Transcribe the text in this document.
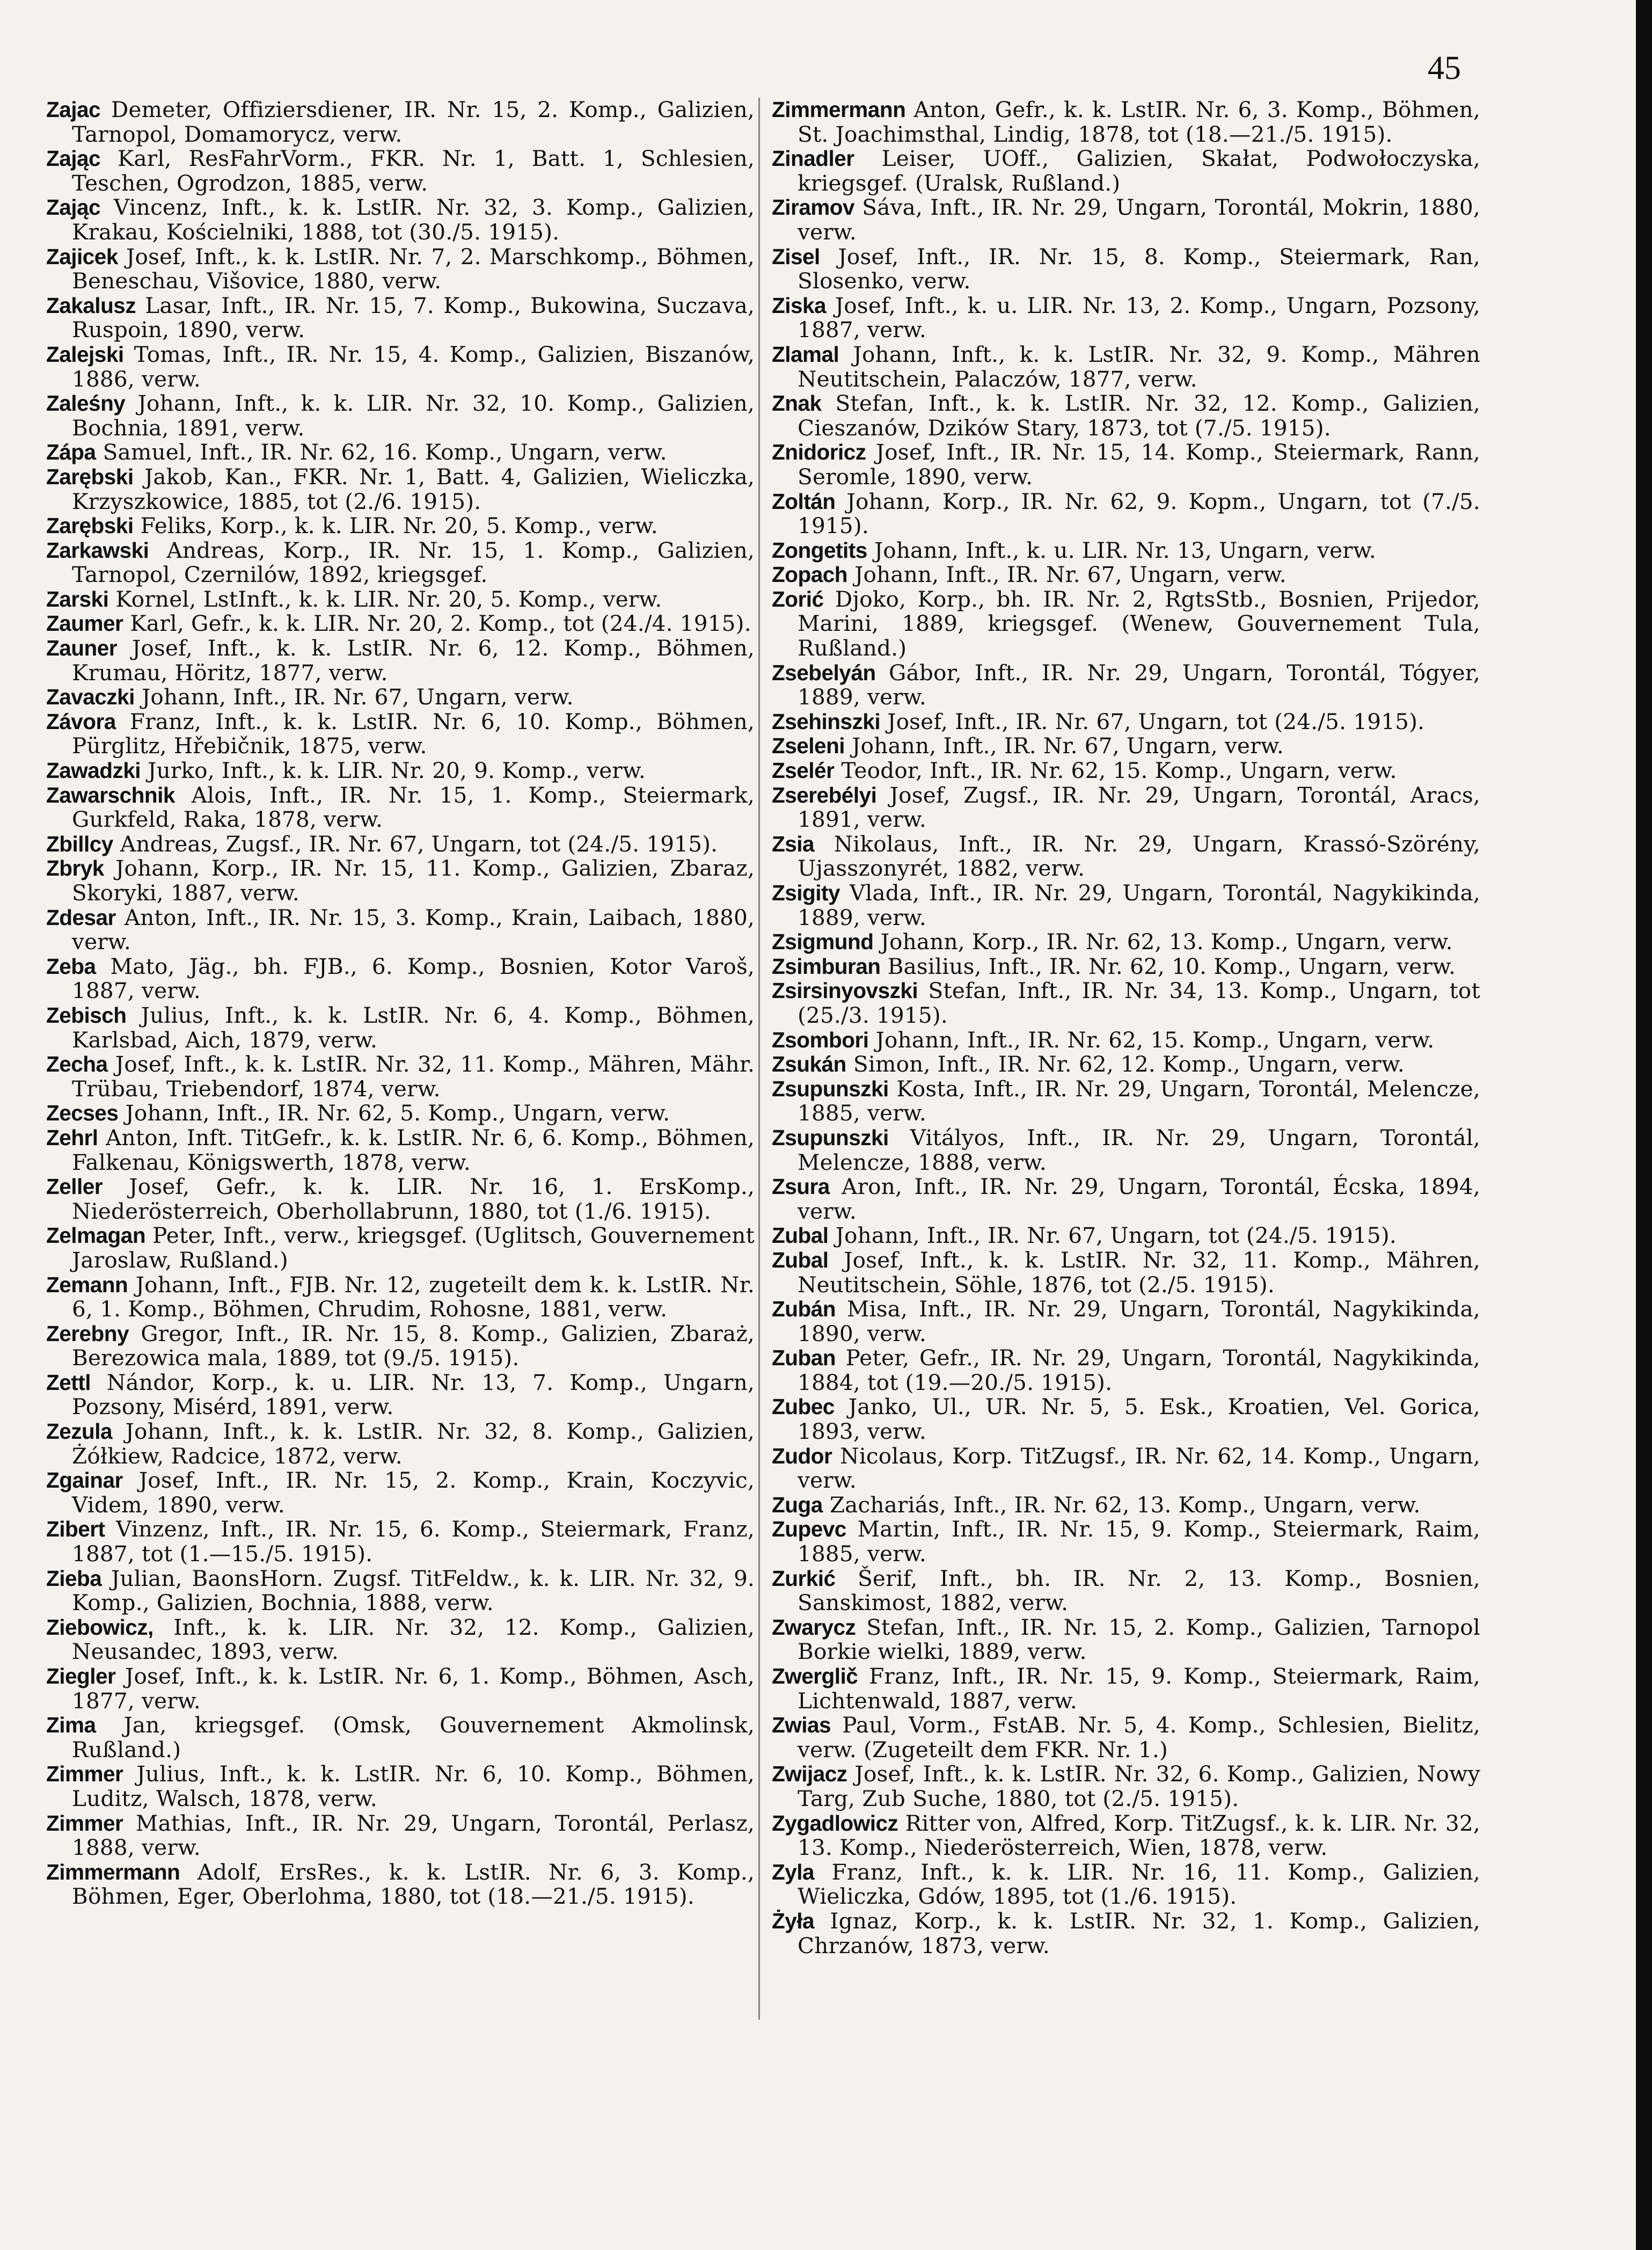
45
Zajac Demeter, Offiziersdiener, IR. Nr. 15, 2. Komp., Galizien, Tarnopol, Domamorycz, verw.
Zając Karl, ResFahrVorm., FKR. Nr. 1, Batt. 1, Schlesien, Teschen, Ogrodzon, 1885, verw.
Zając Vincenz, Inft., k. k. LstIR. Nr. 32, 3. Komp., Galizien, Krakau, Kościelniki, 1888, tot (30./5. 1915).
Zajicek Josef, Inft., k. k. LstIR. Nr. 7, 2. Marschkomp., Böhmen, Beneschau, Višovice, 1880, verw.
Zakalusz Lasar, Inft., IR. Nr. 15, 7. Komp., Bukowina, Suczava, Ruspoin, 1890, verw.
Zalejski Tomas, Inft., IR. Nr. 15, 4. Komp., Galizien, Biszanów, 1886, verw.
Zaleśny Johann, Inft., k. k. LIR. Nr. 32, 10. Komp., Galizien, Bochnia, 1891, verw.
Zápa Samuel, Inft., IR. Nr. 62, 16. Komp., Ungarn, verw.
Zarębski Jakob, Kan., FKR. Nr. 1, Batt. 4, Galizien, Wieliczka, Krzyszkowice, 1885, tot (2./6. 1915).
Zarębski Feliks, Korp., k. k. LIR. Nr. 20, 5. Komp., verw.
Zarkawski Andreas, Korp., IR. Nr. 15, 1. Komp., Galizien, Tarnopol, Czernilów, 1892, kriegsgef.
Zarski Kornel, LstInft., k. k. LIR. Nr. 20, 5. Komp., verw.
Zaumer Karl, Gefr., k. k. LIR. Nr. 20, 2. Komp., tot (24./4. 1915).
Zauner Josef, Inft., k. k. LstIR. Nr. 6, 12. Komp., Böhmen, Krumau, Höritz, 1877, verw.
Zavaczki Johann, Inft., IR. Nr. 67, Ungarn, verw.
Závora Franz, Inft., k. k. LstIR. Nr. 6, 10. Komp., Böhmen, Pürglitz, Hřebičnik, 1875, verw.
Zawadzki Jurko, Inft., k. k. LIR. Nr. 20, 9. Komp., verw.
Zawarschnik Alois, Inft., IR. Nr. 15, 1. Komp., Steiermark, Gurkfeld, Raka, 1878, verw.
Zbillcy Andreas, Zugsf., IR. Nr. 67, Ungarn, tot (24./5. 1915).
Zbryk Johann, Korp., IR. Nr. 15, 11. Komp., Galizien, Zbaraz, Skoryki, 1887, verw.
Zdesar Anton, Inft., IR. Nr. 15, 3. Komp., Krain, Laibach, 1880, verw.
Zeba Mato, Jäg., bh. FJB., 6. Komp., Bosnien, Kotor Varoš, 1887, verw.
Zebisch Julius, Inft., k. k. LstIR. Nr. 6, 4. Komp., Böhmen, Karlsbad, Aich, 1879, verw.
Zecha Josef, Inft., k. k. LstIR. Nr. 32, 11. Komp., Mähren, Mähr. Trübau, Triebendorf, 1874, verw.
Zecses Johann, Inft., IR. Nr. 62, 5. Komp., Ungarn, verw.
Zehrl Anton, Inft. TitGefr., k. k. LstIR. Nr. 6, 6. Komp., Böhmen, Falkenau, Königswerth, 1878, verw.
Zeller Josef, Gefr., k. k. LIR. Nr. 16, 1. ErsKomp., Niederösterreich, Oberhollabrunn, 1880, tot (1./6. 1915).
Zelmagan Peter, Inft., verw., kriegsgef. (Uglitsch, Gouvernement Jaroslaw, Rußland.)
Zemann Johann, Inft., FJB. Nr. 12, zugeteilt dem k. k. LstIR. Nr. 6, 1. Komp., Böhmen, Chrudim, Rohosne, 1881, verw.
Zerebny Gregor, Inft., IR. Nr. 15, 8. Komp., Galizien, Zbaraż, Berezowica mala, 1889, tot (9./5. 1915).
Zettl Nándor, Korp., k. u. LIR. Nr. 13, 7. Komp., Ungarn, Pozsony, Misérd, 1891, verw.
Zezula Johann, Inft., k. k. LstIR. Nr. 32, 8. Komp., Galizien, Żółkiew, Radcice, 1872, verw.
Zgainar Josef, Inft., IR. Nr. 15, 2. Komp., Krain, Koczyvic, Videm, 1890, verw.
Zibert Vinzenz, Inft., IR. Nr. 15, 6. Komp., Steiermark, Franz, 1887, tot (1.—15./5. 1915).
Zieba Julian, BaonsHorn. Zugsf. TitFeldw., k. k. LIR. Nr. 32, 9. Komp., Galizien, Bochnia, 1888, verw.
Ziebowicz, Inft., k. k. LIR. Nr. 32, 12. Komp., Galizien, Neusandec, 1893, verw.
Ziegler Josef, Inft., k. k. LstIR. Nr. 6, 1. Komp., Böhmen, Asch, 1877, verw.
Zima Jan, kriegsgef. (Omsk, Gouvernement Akmolinsk, Rußland.)
Zimmer Julius, Inft., k. k. LstIR. Nr. 6, 10. Komp., Böhmen, Luditz, Walsch, 1878, verw.
Zimmer Mathias, Inft., IR. Nr. 29, Ungarn, Torontál, Perlasz, 1888, verw.
Zimmermann Adolf, ErsRes., k. k. LstIR. Nr. 6, 3. Komp., Böhmen, Eger, Oberlohma, 1880, tot (18.—21./5. 1915).
Zimmermann Anton, Gefr., k. k. LstIR. Nr. 6, 3. Komp., Böhmen, St. Joachimsthal, Lindig, 1878, tot (18.—21./5. 1915).
Zinadler Leiser, UOff., Galizien, Skałat, Podwołoczyska, kriegsgef. (Uralsk, Rußland.)
Ziramov Sáva, Inft., IR. Nr. 29, Ungarn, Torontál, Mokrin, 1880, verw.
Zisel Josef, Inft., IR. Nr. 15, 8. Komp., Steiermark, Ran, Slosenko, verw.
Ziska Josef, Inft., k. u. LIR. Nr. 13, 2. Komp., Ungarn, Pozsony, 1887, verw.
Zlamal Johann, Inft., k. k. LstIR. Nr. 32, 9. Komp., Mähren Neutitschein, Palaczów, 1877, verw.
Znak Stefan, Inft., k. k. LstIR. Nr. 32, 12. Komp., Galizien, Cieszanów, Dzików Stary, 1873, tot (7./5. 1915).
Znidoricz Josef, Inft., IR. Nr. 15, 14. Komp., Steiermark, Rann, Seromle, 1890, verw.
Zoltán Johann, Korp., IR. Nr. 62, 9. Kopm., Ungarn, tot (7./5. 1915).
Zongetits Johann, Inft., k. u. LIR. Nr. 13, Ungarn, verw.
Zopach Johann, Inft., IR. Nr. 67, Ungarn, verw.
Zorić Djoko, Korp., bh. IR. Nr. 2, RgtsStb., Bosnien, Prijedor, Marini, 1889, kriegsgef. (Wenew, Gouvernement Tula, Rußland.)
Zsebelyán Gábor, Inft., IR. Nr. 29, Ungarn, Torontál, Tógyer, 1889, verw.
Zsehinszki Josef, Inft., IR. Nr. 67, Ungarn, tot (24./5. 1915).
Zseleni Johann, Inft., IR. Nr. 67, Ungarn, verw.
Zselér Teodor, Inft., IR. Nr. 62, 15. Komp., Ungarn, verw.
Zserebélyi Josef, Zugsf., IR. Nr. 29, Ungarn, Torontál, Aracs, 1891, verw.
Zsia Nikolaus, Inft., IR. Nr. 29, Ungarn, Krassó-Szörény, Ujasszonyrét, 1882, verw.
Zsigity Vlada, Inft., IR. Nr. 29, Ungarn, Torontál, Nagykikinda, 1889, verw.
Zsigmund Johann, Korp., IR. Nr. 62, 13. Komp., Ungarn, verw.
Zsimburan Basilius, Inft., IR. Nr. 62, 10. Komp., Ungarn, verw.
Zsirsinyovszki Stefan, Inft., IR. Nr. 34, 13. Komp., Ungarn, tot (25./3. 1915).
Zsombori Johann, Inft., IR. Nr. 62, 15. Komp., Ungarn, verw.
Zsukán Simon, Inft., IR. Nr. 62, 12. Komp., Ungarn, verw.
Zsupunszki Kosta, Inft., IR. Nr. 29, Ungarn, Torontál, Melencze, 1885, verw.
Zsupunszki Vitályos, Inft., IR. Nr. 29, Ungarn, Torontál, Melencze, 1888, verw.
Zsura Aron, Inft., IR. Nr. 29, Ungarn, Torontál, Écska, 1894, verw.
Zubal Johann, Inft., IR. Nr. 67, Ungarn, tot (24./5. 1915).
Zubal Josef, Inft., k. k. LstIR. Nr. 32, 11. Komp., Mähren, Neutitschein, Söhle, 1876, tot (2./5. 1915).
Zubán Misa, Inft., IR. Nr. 29, Ungarn, Torontál, Nagykikinda, 1890, verw.
Zuban Peter, Gefr., IR. Nr. 29, Ungarn, Torontál, Nagykikinda, 1884, tot (19.—20./5. 1915).
Zubec Janko, Ul., UR. Nr. 5, 5. Esk., Kroatien, Vel. Gorica, 1893, verw.
Zudor Nicolaus, Korp. TitZugsf., IR. Nr. 62, 14. Komp., Ungarn, verw.
Zuga Zachariás, Inft., IR. Nr. 62, 13. Komp., Ungarn, verw.
Zupevc Martin, Inft., IR. Nr. 15, 9. Komp., Steiermark, Raim, 1885, verw.
Zurkić Šerif, Inft., bh. IR. Nr. 2, 13. Komp., Bosnien, Sanskimost, 1882, verw.
Zwarycz Stefan, Inft., IR. Nr. 15, 2. Komp., Galizien, Tarnopol Borkie wielki, 1889, verw.
Zwerglič Franz, Inft., IR. Nr. 15, 9. Komp., Steiermark, Raim, Lichtenwald, 1887, verw.
Zwias Paul, Vorm., FstAB. Nr. 5, 4. Komp., Schlesien, Bielitz, verw. (Zugeteilt dem FKR. Nr. 1.)
Zwijacz Josef, Inft., k. k. LstIR. Nr. 32, 6. Komp., Galizien, Nowy Targ, Zub Suche, 1880, tot (2./5. 1915).
Zygadlowicz Ritter von, Alfred, Korp. TitZugsf., k. k. LIR. Nr. 32, 13. Komp., Niederösterreich, Wien, 1878, verw.
Zyla Franz, Inft., k. k. LIR. Nr. 16, 11. Komp., Galizien, Wieliczka, Gdów, 1895, tot (1./6. 1915).
Żyła Ignaz, Korp., k. k. LstIR. Nr. 32, 1. Komp., Galizien, Chrzanów, 1873, verw.
